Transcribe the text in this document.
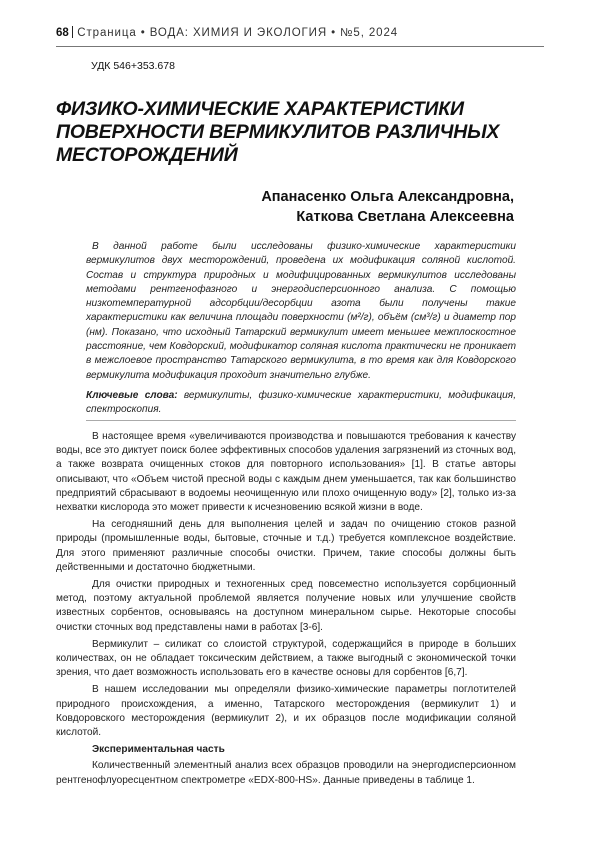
68 Страница • ВОДА: ХИМИЯ И ЭКОЛОГИЯ • №5, 2024
УДК 546+353.678
ФИЗИКО-ХИМИЧЕСКИЕ ХАРАКТЕРИСТИКИ
ПОВЕРХНОСТИ ВЕРМИКУЛИТОВ РАЗЛИЧНЫХ
МЕСТОРОЖДЕНИЙ
Апанасенко Ольга Александровна,
Каткова Светлана Алексеевна

В данной работе были исследованы физико-химические характеристики вермикулитов двух месторождений, проведена их модификация соляной кислотой. Состав и структура природных и модифицированных вермикулитов исследованы методами рентгенофазного и энергодисперсионного анализа. С помощью низкотемпературной адсорбции/десорбции азота были получены такие характеристики как величина площади поверхности (м²/г), объём (см³/г) и диаметр пор (нм). Показано, что исходный Татарский вермикулит имеет меньшее межплоскостное расстояние, чем Ковдорский, модификатор соляная кислота практически не проникает в межслоевое пространство Татарского вермикулита, в то время как для Ковдорского вермикулита модификация проходит значительно глубже.

Ключевые слова: вермикулиты, физико-химические характеристики, модификация, спектроскопия.

В настоящее время «увеличиваются производства и повышаются требования к качеству воды, все это диктует поиск более эффективных способов удаления загрязнений из сточных вод, а также возврата очищенных стоков для повторного использования» [1]. В статье авторы описывают, что «Объем чистой пресной воды с каждым днем уменьшается, так как большинство предприятий сбрасывают в водоемы неочищенную или плохо очищенную воду» [2], только из-за нехватки кислорода это может привести к исчезновению всякой жизни в воде.

На сегодняшний день для выполнения целей и задач по очищению стоков разной природы (промышленные воды, бытовые, сточные и т.д.) требуется комплексное воздействие. Для этого применяют различные способы очистки. Причем, такие способы должны быть действенными и достаточно бюджетными.

Для очистки природных и техногенных сред повсеместно используется сорбционный метод, поэтому актуальной проблемой является получение новых или улучшение свойств известных сорбентов, основываясь на доступном минеральном сырье. Некоторые способы очистки сточных вод представлены нами в работах [3-6].

Вермикулит – силикат со слоистой структурой, содержащийся в природе в больших количествах, он не обладает токсическим действием, а также выгодный с экономической точки зрения, что дает возможность использовать его в качестве основы для сорбентов [6,7].

В нашем исследовании мы определяли физико-химические параметры поглотителей природного происхождения, а именно, Татарского месторождения (вермикулит 1) и Ковдоровского месторождения (вермикулит 2), и их образцов после модификации соляной кислотой.

Экспериментальная часть

Количественный элементный анализ всех образцов проводили на энергодисперсионном рентгенофлуоресцентном спектрометре «EDX-800-HS». Данные приведены в таблице 1.
